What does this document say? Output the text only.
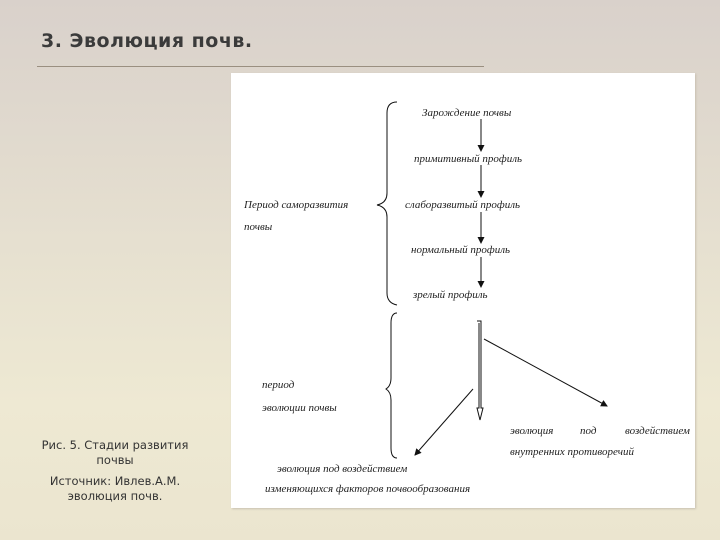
3. Эволюция почв.
Рис. 5. Стадии развития почвы
Источник: Ивлев.А.М. эволюция почв.
Зарождение почвы
примитивный профиль
слаборазвитый профиль
нормальный профиль
зрелый профиль
Период саморазвития
почвы
период
эволюции почвы
эволюция под	воздействием
внутренних противоречий
эволюция под воздействием
изменяющихся факторов почвообразования
